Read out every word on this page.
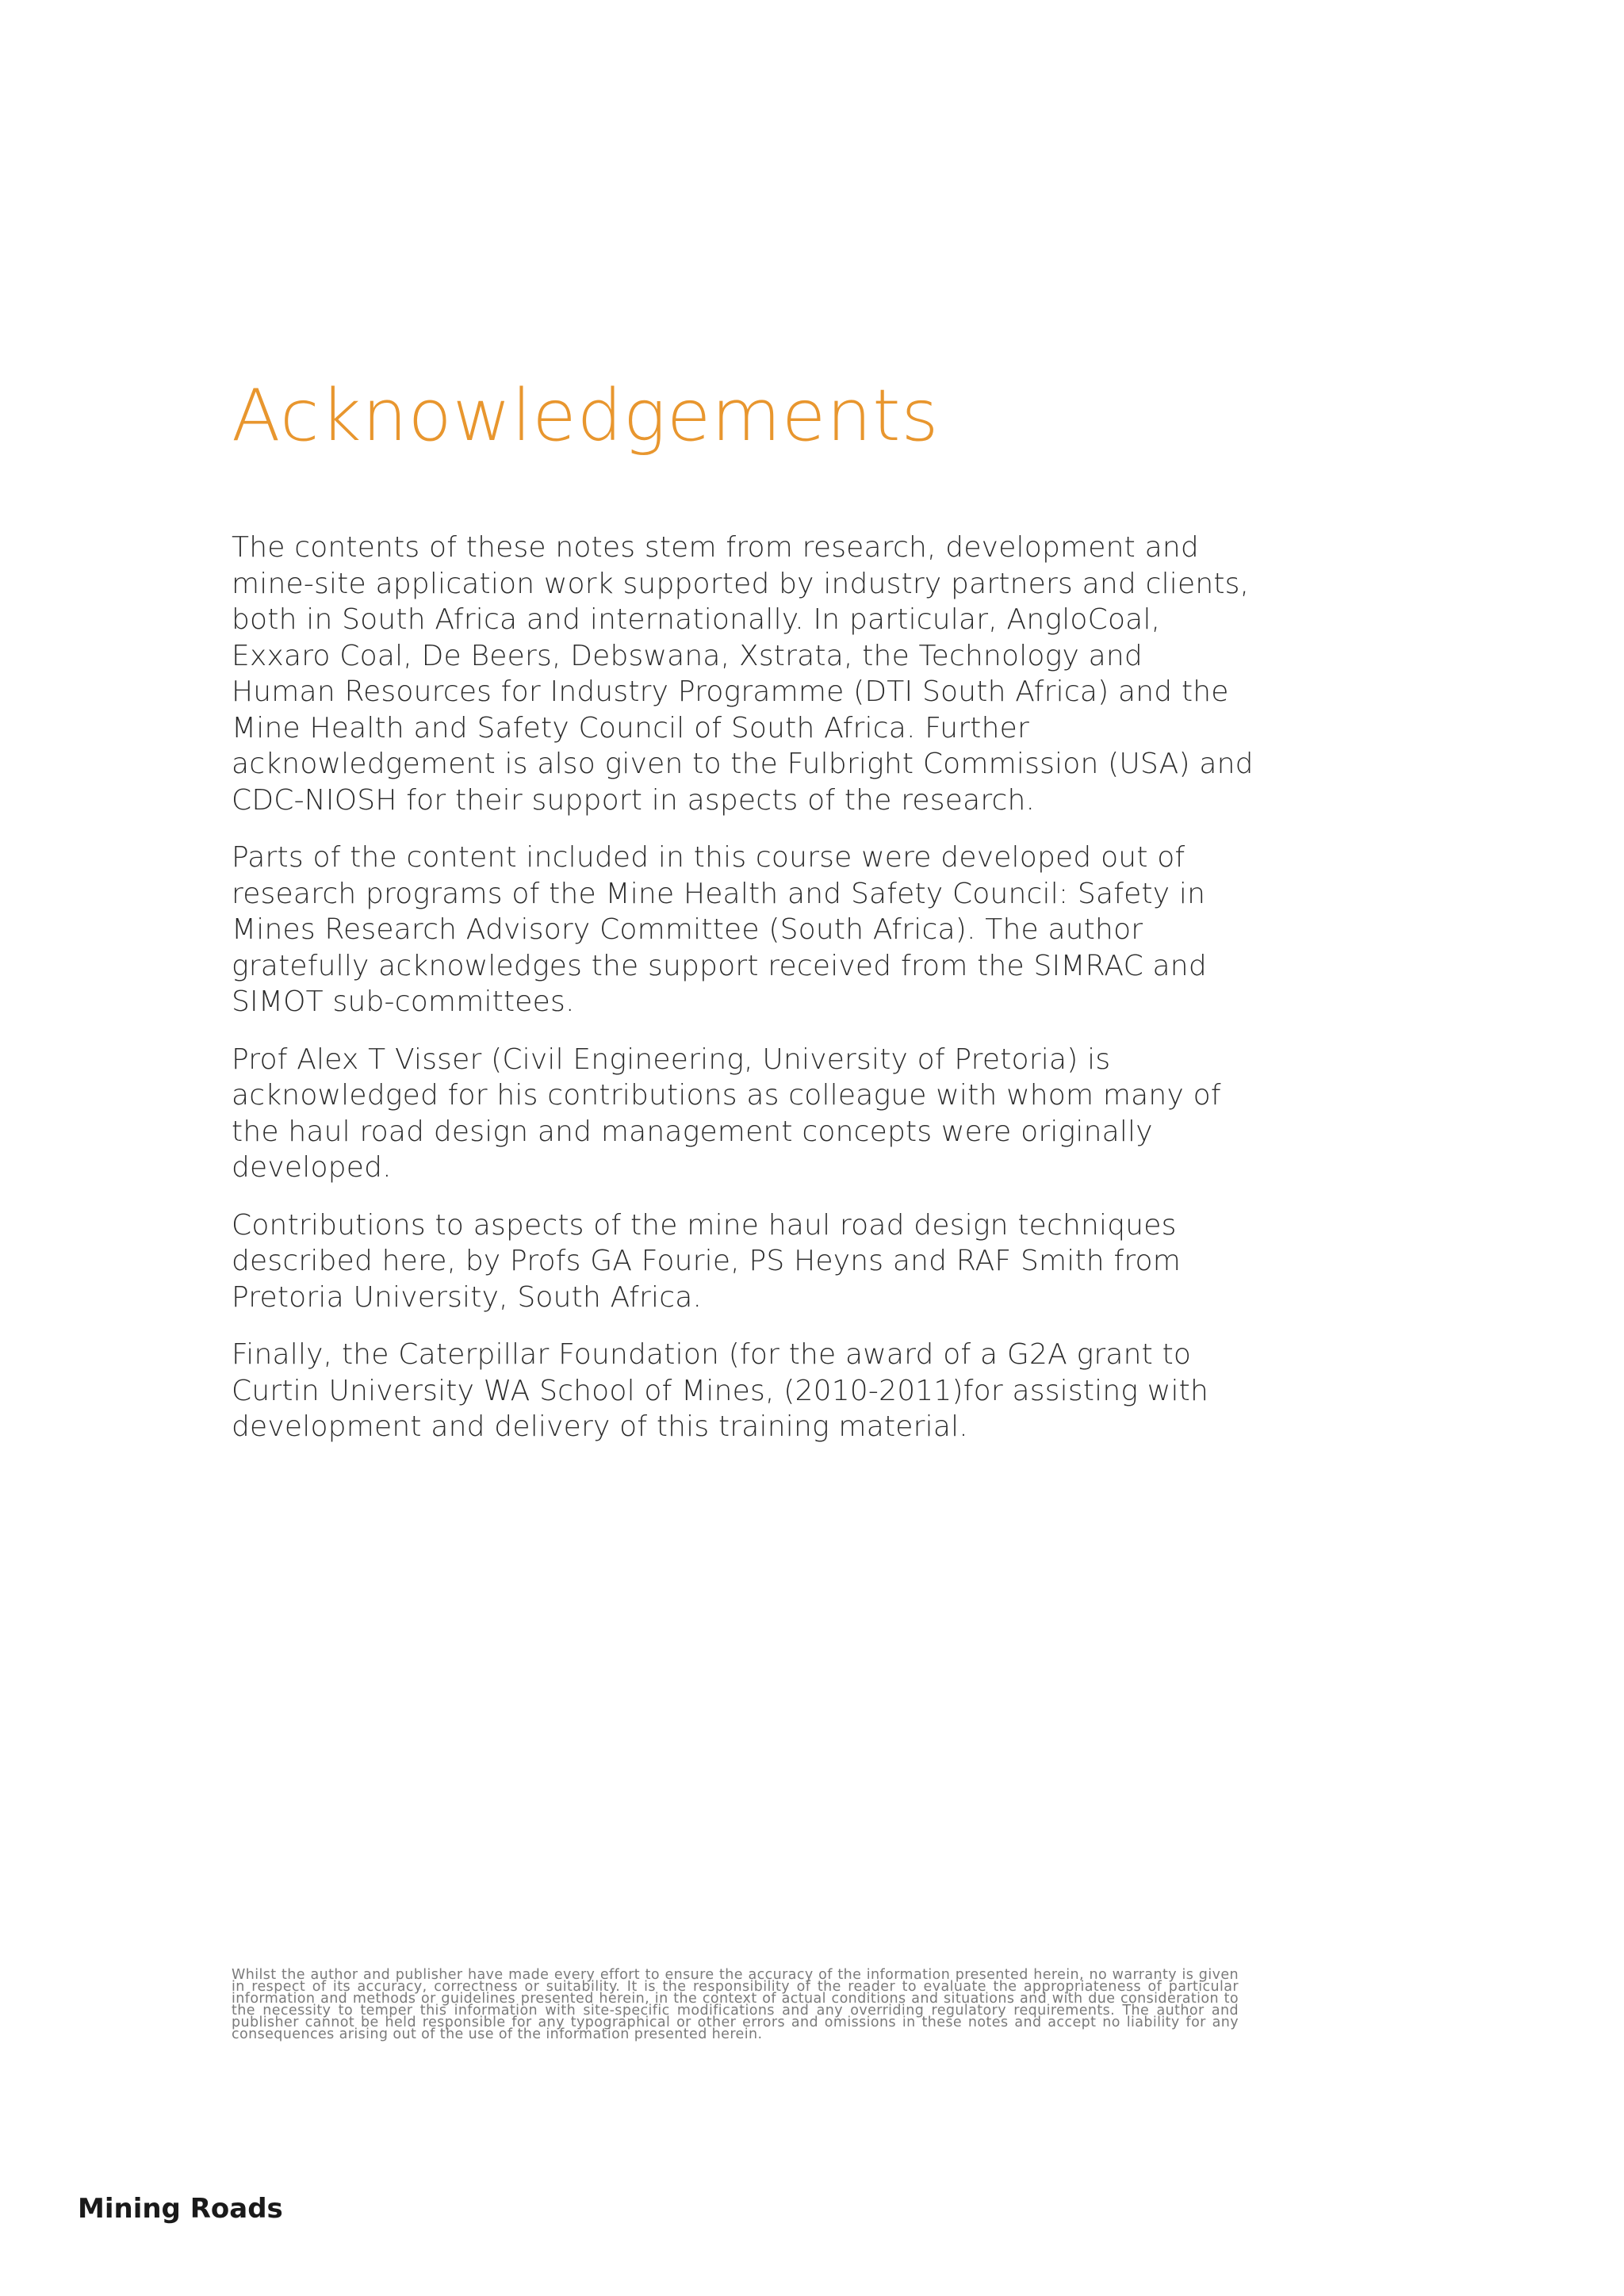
Acknowledgements

The contents of these notes stem from research, development and mine-site application work supported by industry partners and clients, both in South Africa and internationally. In particular, AngloCoal, Exxaro Coal, De Beers, Debswana, Xstrata, the Technology and Human Resources for Industry Programme (DTI South Africa) and the Mine Health and Safety Council of South Africa. Further acknowledgement is also given to the Fulbright Commission (USA) and CDC-NIOSH for their support in aspects of the research.

Parts of the content included in this course were developed out of research programs of the Mine Health and Safety Council: Safety in Mines Research Advisory Committee (South Africa). The author gratefully acknowledges the support received from the SIMRAC and SIMOT sub-committees.

Prof Alex T Visser (Civil Engineering, University of Pretoria) is acknowledged for his contributions as colleague with whom many of the haul road design and management concepts were originally developed.

Contributions to aspects of the mine haul road design techniques described here, by Profs GA Fourie, PS Heyns and RAF Smith from Pretoria University, South Africa.

Finally, the Caterpillar Foundation (for the award of a G2A grant to Curtin University WA School of Mines, (2010-2011)for assisting with development and delivery of this training material.

Whilst the author and publisher have made every effort to ensure the accuracy of the information presented herein, no warranty is given in respect of its accuracy, correctness or suitability. It is the responsibility of the reader to evaluate the appropriateness of particular information and methods or guidelines presented herein, in the context of actual conditions and situations and with due consideration to the necessity to temper this information with site-specific modifications and any overriding regulatory requirements. The author and publisher cannot be held responsible for any typographical or other errors and omissions in these notes and accept no liability for any consequences arising out of the use of the information presented herein.

Mining Roads
